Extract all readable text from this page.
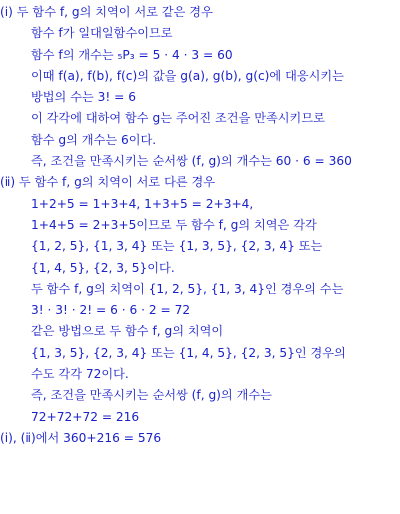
(ⅰ) 두 함수 f, g의 치역이 서로 같은 경우
함수 f가 일대일함수이므로
함수 f의 개수는 ₅P₃ = 5 · 4 · 3 = 60
이때 f(a), f(b), f(c)의 값을 g(a), g(b), g(c)에 대응시키는
방법의 수는 3! = 6
이 각각에 대하여 함수 g는 주어진 조건을 만족시키므로
함수 g의 개수는 6이다.
즉, 조건을 만족시키는 순서쌍 (f, g)의 개수는 60 · 6 = 360
(ⅱ) 두 함수 f, g의 치역이 서로 다른 경우
1+2+5 = 1+3+4, 1+3+5 = 2+3+4,
1+4+5 = 2+3+5이므로 두 함수 f, g의 치역은 각각
{1, 2, 5}, {1, 3, 4} 또는 {1, 3, 5}, {2, 3, 4} 또는
{1, 4, 5}, {2, 3, 5}이다.
두 함수 f, g의 치역이 {1, 2, 5}, {1, 3, 4}인 경우의 수는
3! · 3! · 2! = 6 · 6 · 2 = 72
같은 방법으로 두 함수 f, g의 치역이
{1, 3, 5}, {2, 3, 4} 또는 {1, 4, 5}, {2, 3, 5}인 경우의
수도 각각 72이다.
즉, 조건을 만족시키는 순서쌍 (f, g)의 개수는
72+72+72 = 216
(ⅰ), (ⅱ)에서 360+216 = 576
